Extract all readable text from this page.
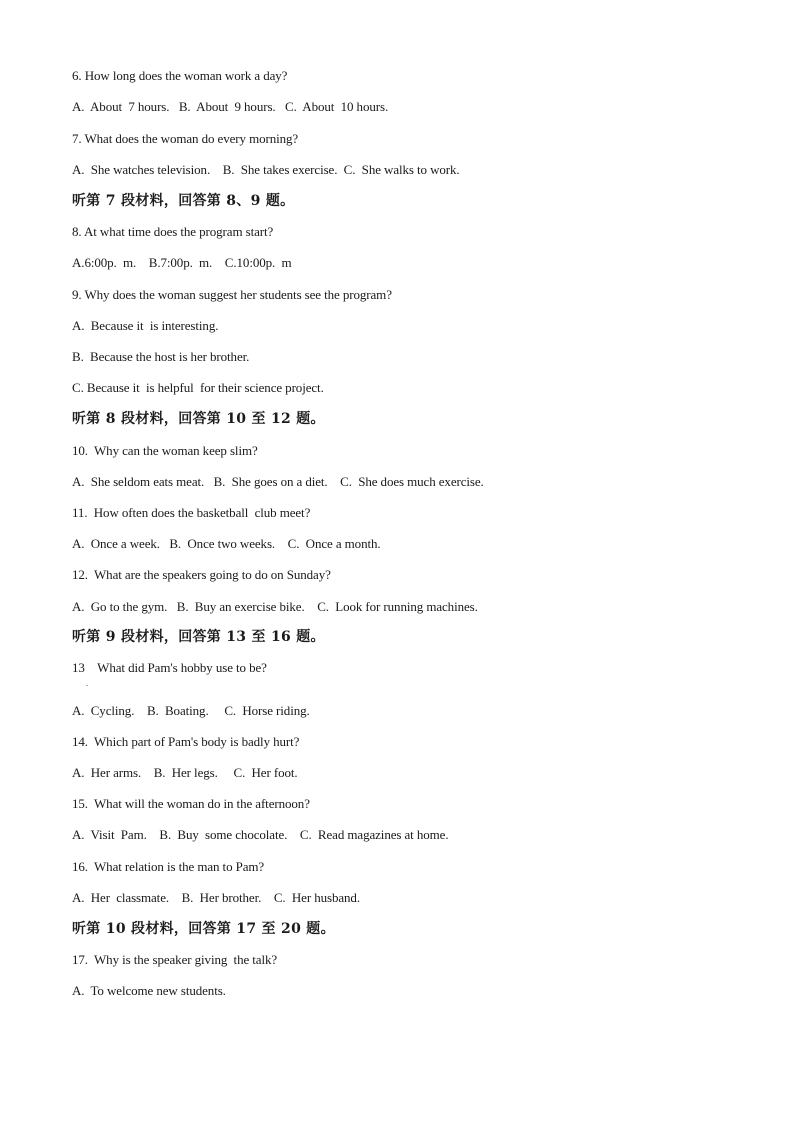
6. How long does the woman work a day?
A.  About  7 hours.   B.  About  9 hours.   C.  About  10 hours.
7. What does the woman do every morning?
A.  She watches television.    B.  She takes exercise.  C.  She walks to work.
听第 7 段材料，回答第 8、9 题。
8. At what time does the program start?
A.6:00p.  m.    B.7:00p.  m.    C.10:00p.  m
9. Why does the woman suggest her students see the program?
A.  Because it  is interesting.
B.  Because the host is her brother.
C. Because it  is helpful  for their science project.
听第 8 段材料，回答第 10 至 12 题。
10.  Why can the woman keep slim?
A.  She seldom eats meat.   B.  She goes on a diet.    C.  She does much exercise.
11.  How often does the basketball  club meet?
A.  Once a week.   B.  Once two weeks.    C.  Once a month.
12.  What are the speakers going to do on Sunday?
A.  Go to the gym.   B.  Buy an exercise bike.    C.  Look for running machines.
听第 9 段材料，回答第 13 至 16 题。
13    What did Pam's hobby use to be?
.
A.  Cycling.    B.  Boating.     C.  Horse riding.
14.  Which part of Pam's body is badly hurt?
A.  Her arms.    B.  Her legs.     C.  Her foot.
15.  What will the woman do in the afternoon?
A.  Visit  Pam.    B.  Buy  some chocolate.    C.  Read magazines at home.
16.  What relation is the man to Pam?
A.  Her  classmate.    B.  Her brother.    C.  Her husband.
听第 10 段材料，回答第 17 至 20 题。
17.  Why is the speaker giving  the talk?
A.  To welcome new students.
